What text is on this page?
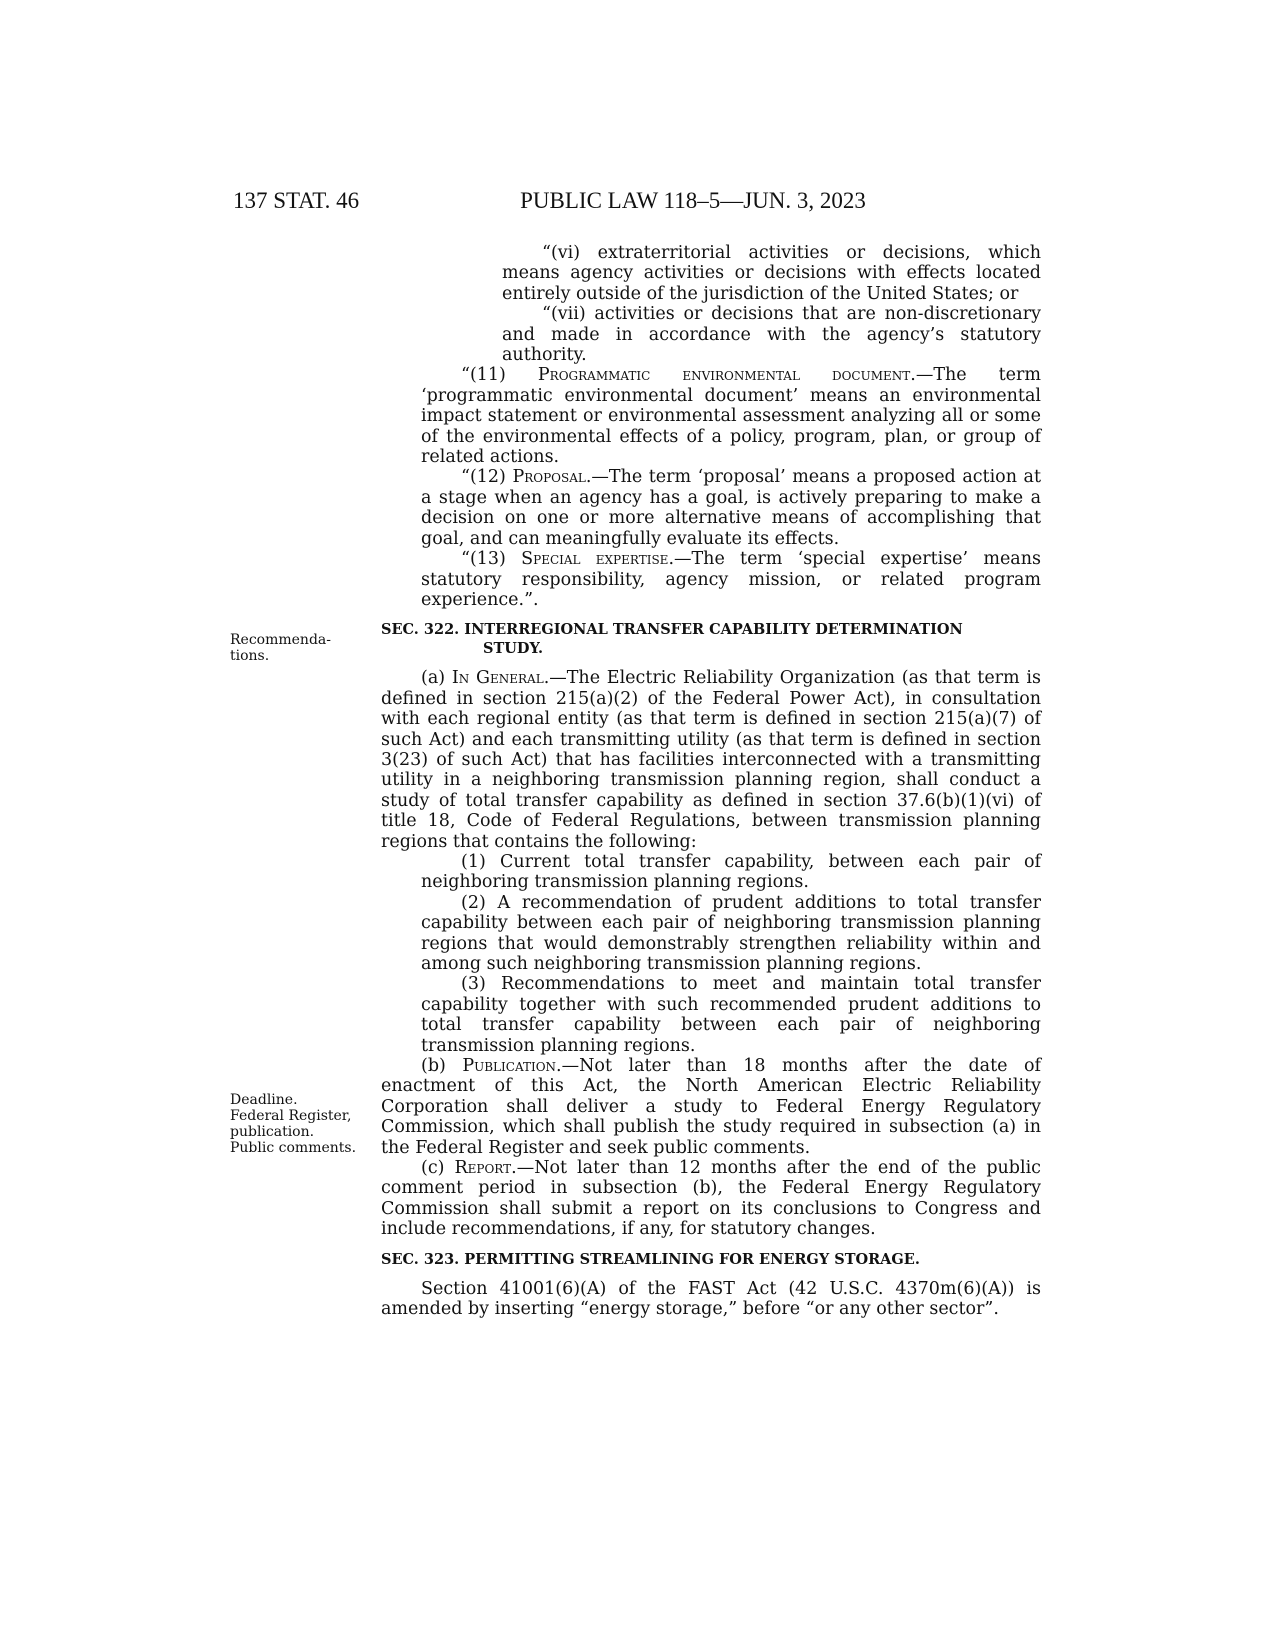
137 STAT. 46	PUBLIC LAW 118–5—JUN. 3, 2023
Recommenda-
tions.
Deadline.
Federal Register,
publication.
Public comments.

“(vi) extraterritorial activities or decisions, which means agency activities or decisions with effects located entirely outside of the jurisdiction of the United States; or

“(vii) activities or decisions that are non-discretionary and made in accordance with the agency’s statutory authority.

“(11) Programmatic environmental document.—The term ‘programmatic environmental document’ means an environmental impact statement or environmental assessment analyzing all or some of the environmental effects of a policy, program, plan, or group of related actions.

“(12) Proposal.—The term ‘proposal’ means a proposed action at a stage when an agency has a goal, is actively preparing to make a decision on one or more alternative means of accomplishing that goal, and can meaningfully evaluate its effects.

“(13) Special expertise.—The term ‘special expertise’ means statutory responsibility, agency mission, or related program experience.”.

SEC. 322. INTERREGIONAL TRANSFER CAPABILITY DETERMINATION
STUDY.

(a) In General.—The Electric Reliability Organization (as that term is defined in section 215(a)(2) of the Federal Power Act), in consultation with each regional entity (as that term is defined in section 215(a)(7) of such Act) and each transmitting utility (as that term is defined in section 3(23) of such Act) that has facilities interconnected with a transmitting utility in a neighboring transmission planning region, shall conduct a study of total transfer capability as defined in section 37.6(b)(1)(vi) of title 18, Code of Federal Regulations, between transmission planning regions that contains the following:

(1) Current total transfer capability, between each pair of neighboring transmission planning regions.

(2) A recommendation of prudent additions to total transfer capability between each pair of neighboring transmission planning regions that would demonstrably strengthen reliability within and among such neighboring transmission planning regions.

(3) Recommendations to meet and maintain total transfer capability together with such recommended prudent additions to total transfer capability between each pair of neighboring transmission planning regions.

(b) Publication.—Not later than 18 months after the date of enactment of this Act, the North American Electric Reliability Corporation shall deliver a study to Federal Energy Regulatory Commission, which shall publish the study required in subsection (a) in the Federal Register and seek public comments.

(c) Report.—Not later than 12 months after the end of the public comment period in subsection (b), the Federal Energy Regulatory Commission shall submit a report on its conclusions to Congress and include recommendations, if any, for statutory changes.

SEC. 323. PERMITTING STREAMLINING FOR ENERGY STORAGE.

Section 41001(6)(A) of the FAST Act (42 U.S.C. 4370m(6)(A)) is amended by inserting “energy storage,” before “or any other sector”.
